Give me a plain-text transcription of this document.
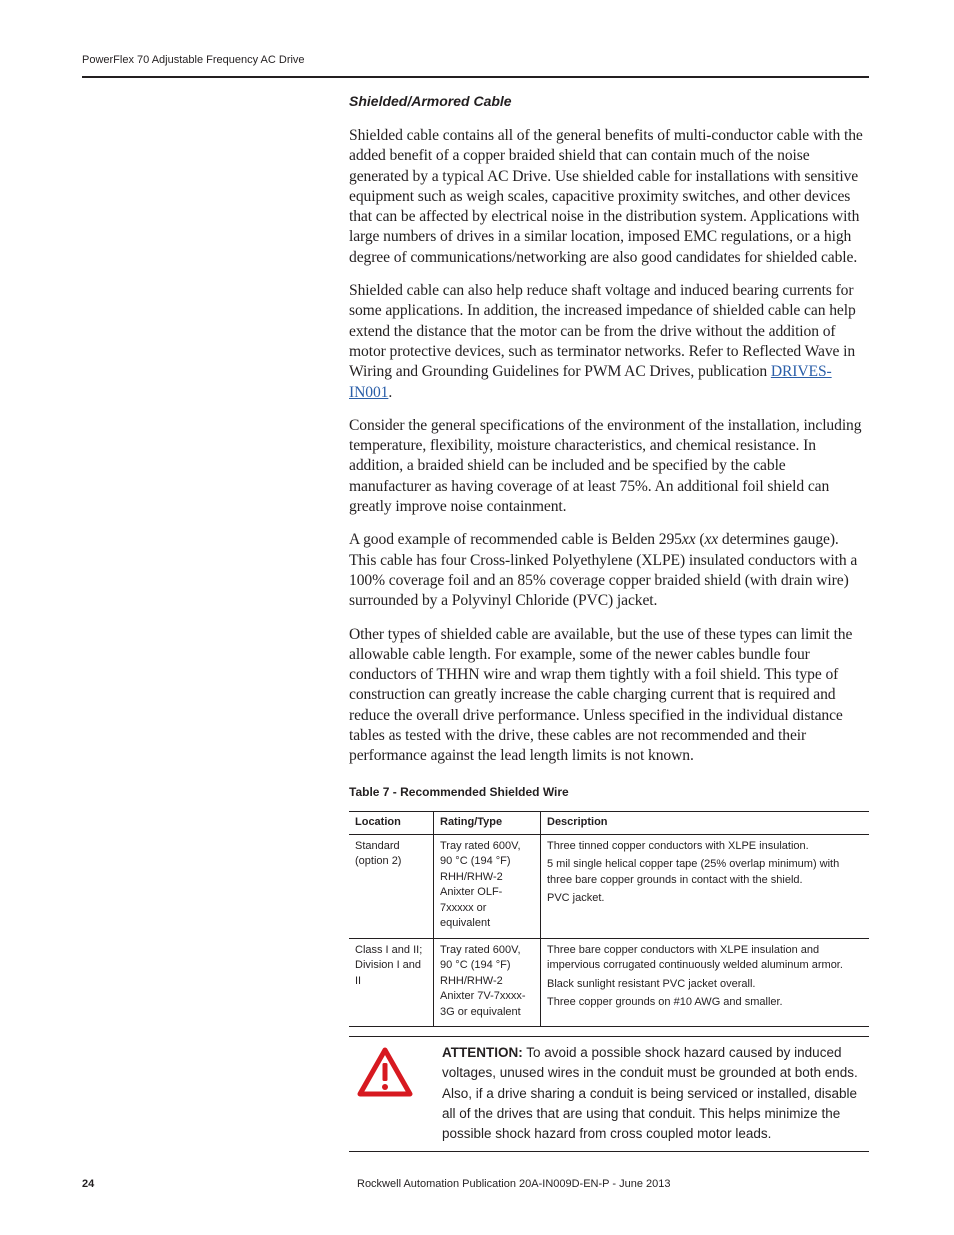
PowerFlex 70 Adjustable Frequency AC Drive
Shielded/Armored Cable

Shielded cable contains all of the general benefits of multi-conductor cable with the added benefit of a copper braided shield that can contain much of the noise generated by a typical AC Drive. Use shielded cable for installations with sensitive equipment such as weigh scales, capacitive proximity switches, and other devices that can be affected by electrical noise in the distribution system. Applications with large numbers of drives in a similar location, imposed EMC regulations, or a high degree of communications/networking are also good candidates for shielded cable.

Shielded cable can also help reduce shaft voltage and induced bearing currents for some applications. In addition, the increased impedance of shielded cable can help extend the distance that the motor can be from the drive without the addition of motor protective devices, such as terminator networks. Refer to Reflected Wave in Wiring and Grounding Guidelines for PWM AC Drives, publication DRIVES-IN001.

Consider the general specifications of the environment of the installation, including temperature, flexibility, moisture characteristics, and chemical resistance. In addition, a braided shield can be included and be specified by the cable manufacturer as having coverage of at least 75%. An additional foil shield can greatly improve noise containment.

A good example of recommended cable is Belden 295xx (xx determines gauge). This cable has four Cross-linked Polyethylene (XLPE) insulated conductors with a 100% coverage foil and an 85% coverage copper braided shield (with drain wire) surrounded by a Polyvinyl Chloride (PVC) jacket.

Other types of shielded cable are available, but the use of these types can limit the allowable cable length. For example, some of the newer cables bundle four conductors of THHN wire and wrap them tightly with a foil shield. This type of construction can greatly increase the cable charging current that is required and reduce the overall drive performance. Unless specified in the individual distance tables as tested with the drive, these cables are not recommended and their performance against the lead length limits is not known.

Table 7 - Recommended Shielded Wire
Location	Rating/Type	Description
Standard (option 2)	Tray rated 600V, 90 °C (194 °F) RHH/RHW-2 Anixter OLF-7xxxxx or equivalent	Three tinned copper conductors with XLPE insulation.

5 mil single helical copper tape (25% overlap minimum) with three bare copper grounds in contact with the shield.

PVC jacket.

Class I and II; Division I and II	Tray rated 600V, 90 °C (194 °F) RHH/RHW-2 Anixter 7V-7xxxx-3G or equivalent	Three bare copper conductors with XLPE insulation and impervious corrugated continuously welded aluminum armor.

Black sunlight resistant PVC jacket overall.

Three copper grounds on #10 AWG and smaller.

ATTENTION: To avoid a possible shock hazard caused by induced voltages, unused wires in the conduit must be grounded at both ends. Also, if a drive sharing a conduit is being serviced or installed, disable all of the drives that are using that conduit. This helps minimize the possible shock hazard from cross coupled motor leads.
24	Rockwell Automation Publication 20A-IN009D-EN-P - June 2013
